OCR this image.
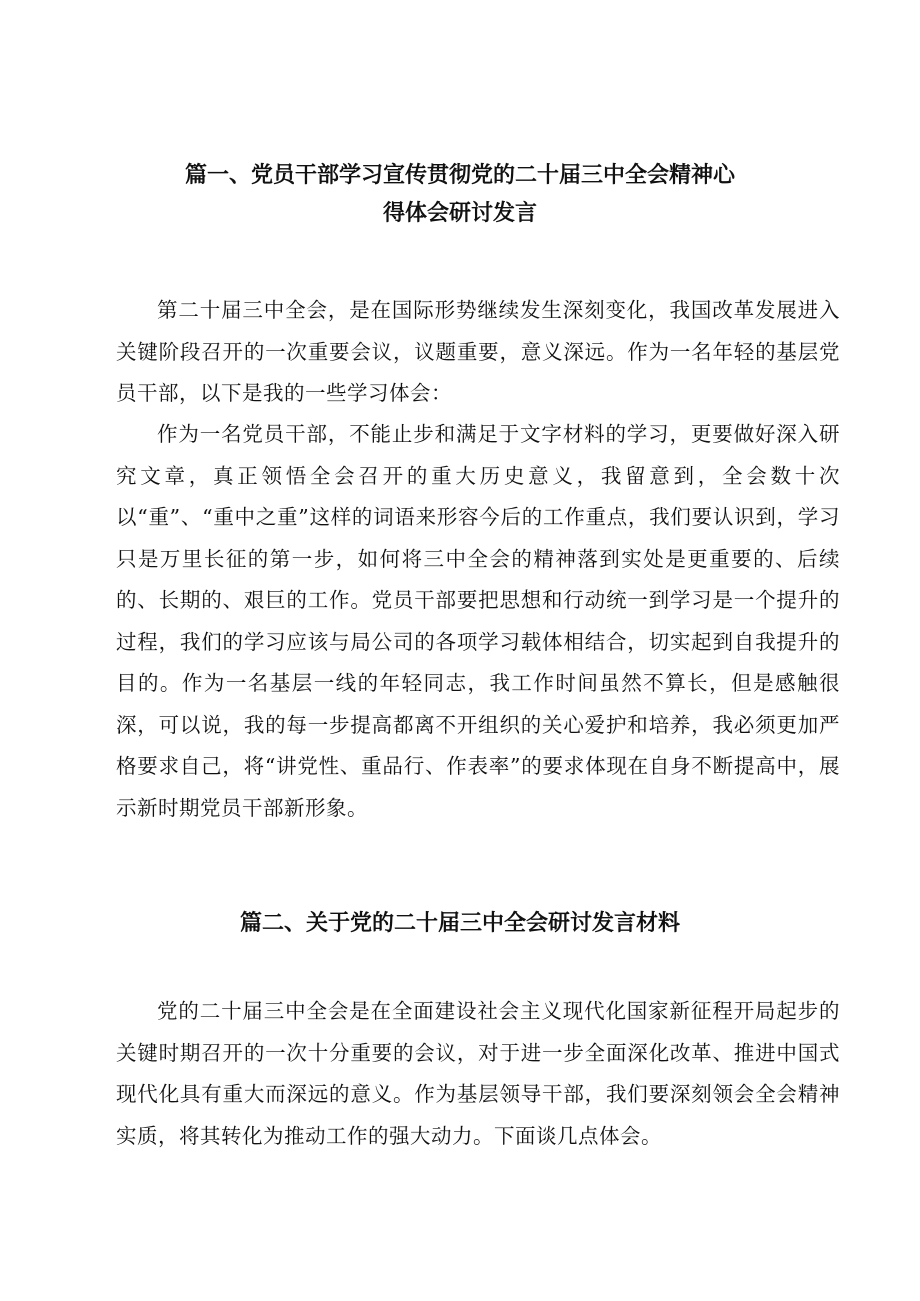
篇一、党员干部学习宣传贯彻党的二十届三中全会精神心
得体会研讨发言

第二十届三中全会，是在国际形势继续发生深刻变化，我国改革发展进入关键阶段召开的一次重要会议，议题重要，意义深远。作为一名年轻的基层党员干部，以下是我的一些学习体会：

作为一名党员干部，不能止步和满足于文字材料的学习，更要做好深入研究文章，真正领悟全会召开的重大历史意义，我留意到，全会数十次以“重”、“重中之重”这样的词语来形容今后的工作重点，我们要认识到，学习只是万里长征的第一步，如何将三中全会的精神落到实处是更重要的、后续的、长期的、艰巨的工作。党员干部要把思想和行动统一到学习是一个提升的过程，我们的学习应该与局公司的各项学习载体相结合，切实起到自我提升的目的。作为一名基层一线的年轻同志，我工作时间虽然不算长，但是感触很深，可以说，我的每一步提高都离不开组织的关心爱护和培养，我必须更加严格要求自己，将“讲党性、重品行、作表率”的要求体现在自身不断提高中，展示新时期党员干部新形象。

篇二、关于党的二十届三中全会研讨发言材料

党的二十届三中全会是在全面建设社会主义现代化国家新征程开局起步的关键时期召开的一次十分重要的会议，对于进一步全面深化改革、推进中国式现代化具有重大而深远的意义。作为基层领导干部，我们要深刻领会全会精神实质，将其转化为推动工作的强大动力。下面谈几点体会。
